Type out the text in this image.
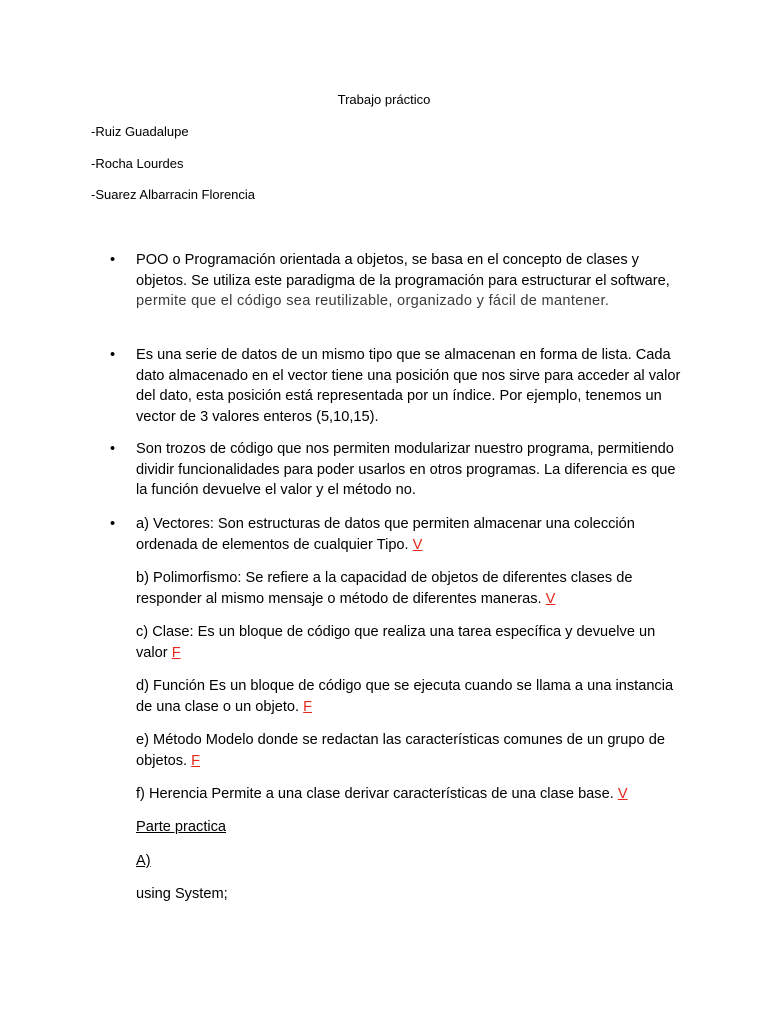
Trabajo práctico
-Ruiz Guadalupe
-Rocha Lourdes
-Suarez Albarracin Florencia
•	POO o Programación orientada a objetos, se basa en el concepto de clases y objetos. Se utiliza este paradigma de la programación para estructurar el software, permite que el código sea reutilizable, organizado y fácil de mantener.
•	Es una serie de datos de un mismo tipo que se almacenan en forma de lista. Cada dato almacenado en el vector tiene una posición que nos sirve para acceder al valor del dato, esta posición está representada por un índice. Por ejemplo, tenemos un vector de 3 valores enteros (5,10,15).
•	Son trozos de código que nos permiten modularizar nuestro programa, permitiendo dividir funcionalidades para poder usarlos en otros programas. La diferencia es que la función devuelve el valor y el método no.
•	a) Vectores: Son estructuras de datos que permiten almacenar una colección ordenada de elementos de cualquier Tipo. V
b) Polimorfismo: Se refiere a la capacidad de objetos de diferentes clases de responder al mismo mensaje o método de diferentes maneras. V
c) Clase: Es un bloque de código que realiza una tarea específica y devuelve un valor F
d) Función Es un bloque de código que se ejecuta cuando se llama a una instancia de una clase o un objeto. F
e) Método Modelo donde se redactan las características comunes de un grupo de objetos. F
f) Herencia Permite a una clase derivar características de una clase base. V
Parte practica
A)
using System;
